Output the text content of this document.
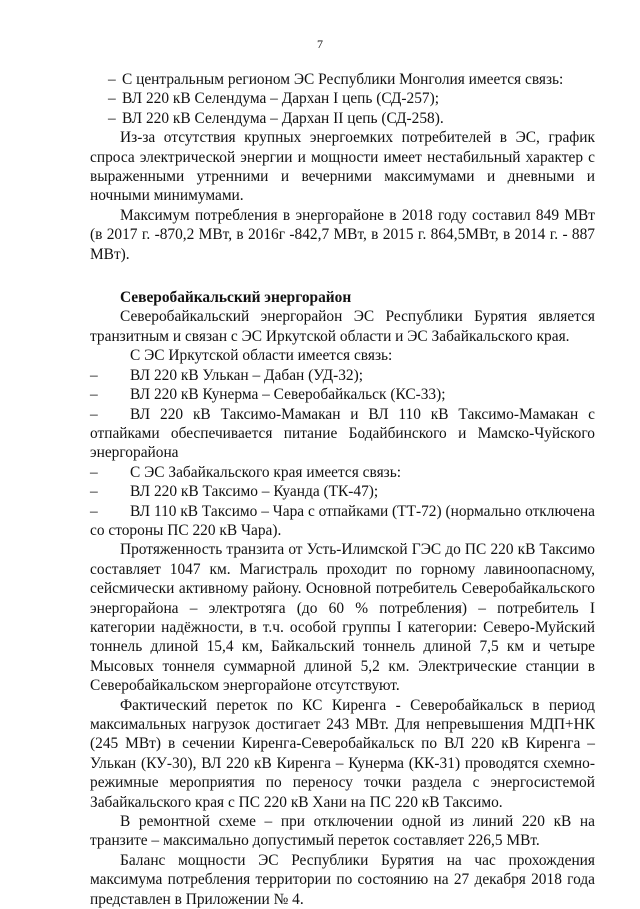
7

– С центральным регионом ЭС Республики Монголия имеется связь:

– ВЛ 220 кВ Селендума – Дархан I цепь (СД-257);

– ВЛ 220 кВ Селендума – Дархан II цепь (СД-258).

Из-за отсутствия крупных энергоемких потребителей в ЭС, график спроса электрической энергии и мощности имеет нестабильный характер с выраженными утренними и вечерними максимумами и дневными и ночными минимумами.

Максимум потребления в энергорайоне в 2018 году составил 849 МВт (в 2017 г. -870,2 МВт, в 2016г -842,7 МВт, в 2015 г. 864,5МВт, в 2014 г. - 887 МВт).

Северобайкальский энергорайон

Северобайкальский энергорайон ЭС Республики Бурятия является транзитным и связан с ЭС Иркутской области и ЭС Забайкальского края.

С ЭС Иркутской области имеется связь:

– ВЛ 220 кВ Улькан – Дабан (УД-32);

– ВЛ 220 кВ Кунерма – Северобайкальск (КС-33);

– ВЛ 220 кВ Таксимо-Мамакан и ВЛ 110 кВ Таксимо-Мамакан с отпайками обеспечивается питание Бодайбинского и Мамско-Чуйского энергорайона

– С ЭС Забайкальского края имеется связь:

– ВЛ 220 кВ Таксимо – Куанда (ТК-47);

– ВЛ 110 кВ Таксимо – Чара с отпайками (ТТ-72) (нормально отключена со стороны ПС 220 кВ Чара).

Протяженность транзита от Усть-Илимской ГЭС до ПС 220 кВ Таксимо составляет 1047 км. Магистраль проходит по горному лавиноопасному, сейсмически активному району. Основной потребитель Северобайкальского энергорайона – электротяга (до 60 % потребления) – потребитель I категории надёжности, в т.ч. особой группы I категории: Северо-Муйский тоннель длиной 15,4 км, Байкальский тоннель длиной 7,5 км и четыре Мысовых тоннеля суммарной длиной 5,2 км. Электрические станции в Северобайкальском энергорайоне отсутствуют.

Фактический переток по КС Киренга - Северобайкальск в период максимальных нагрузок достигает 243 МВт. Для непревышения МДП+НК (245 МВт) в сечении Киренга-Северобайкальск по ВЛ 220 кВ Киренга – Улькан (КУ-30), ВЛ 220 кВ Киренга – Кунерма (КК-31) проводятся схемно-режимные мероприятия по переносу точки раздела с энергосистемой Забайкальского края с ПС 220 кВ Хани на ПС 220 кВ Таксимо.

В ремонтной схеме – при отключении одной из линий 220 кВ на транзите – максимально допустимый переток составляет 226,5 МВт.

Баланс мощности ЭС Республики Бурятия на час прохождения максимума потребления территории по состоянию на 27 декабря 2018 года представлен в Приложении № 4.
